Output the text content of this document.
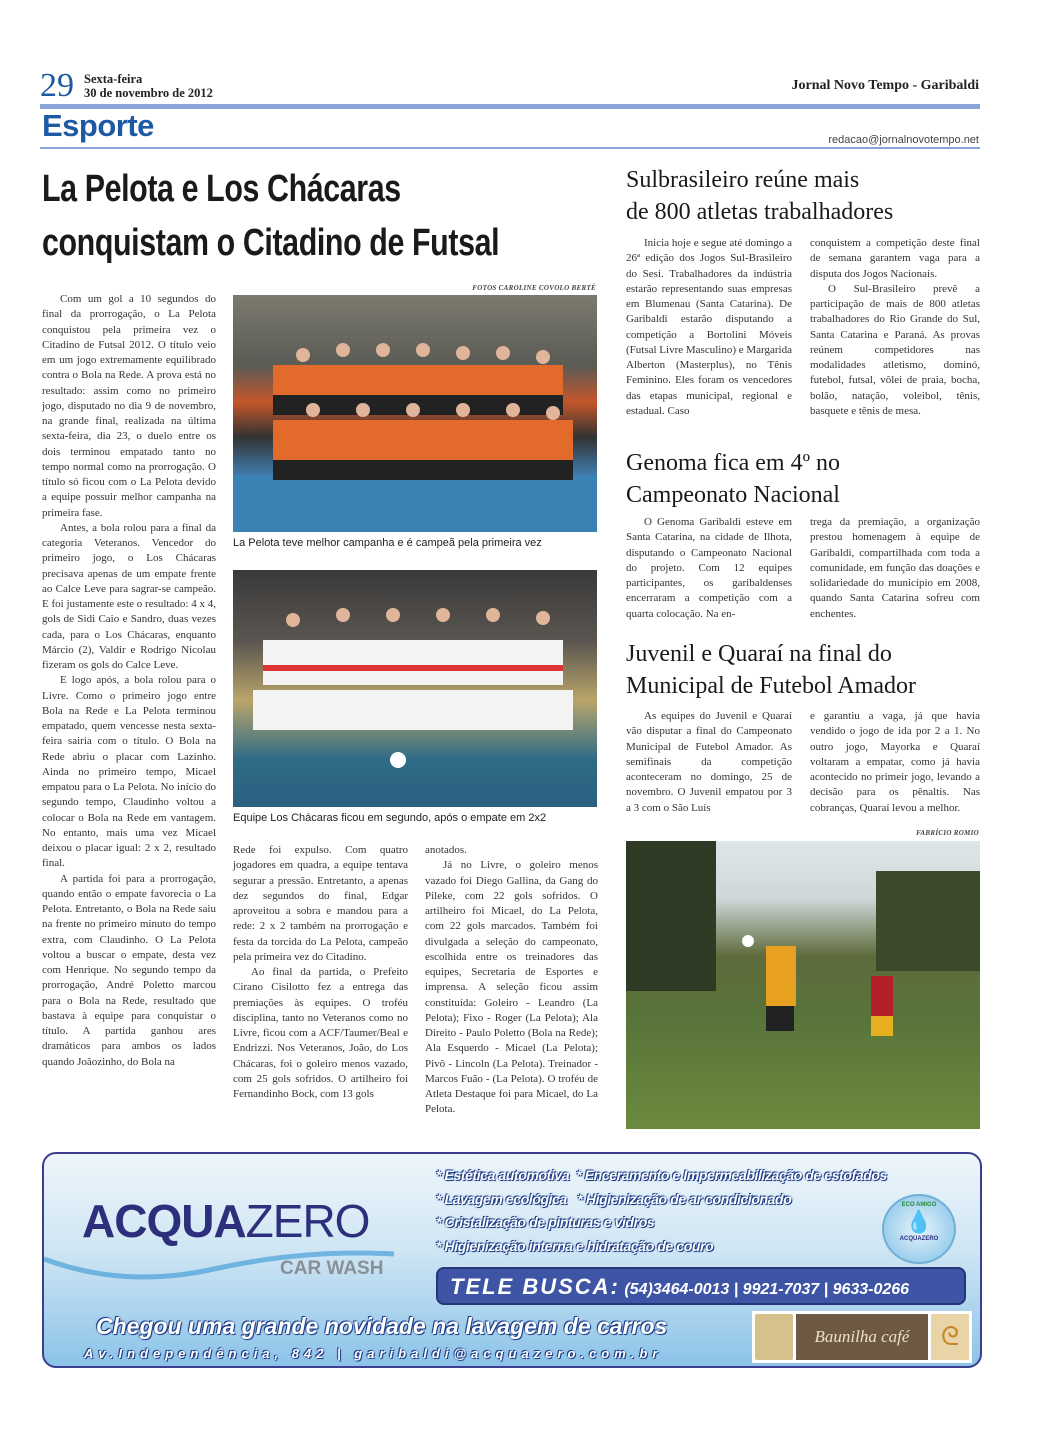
29 Sexta-feira
30 de novembro de 2012	Jornal Novo Tempo - Garibaldi
Esporte	redacao@jornalnovotempo.net
La Pelota e Los Chácaras
conquistam o Citadino de Futsal

Com um gol a 10 segundos do final da prorrogação, o La Pelota conquistou pela primeira vez o Citadino de Futsal 2012. O título veio em um jogo extremamente equilibrado contra o Bola na Rede. A prova está no resultado: assim como no primeiro jogo, disputado no dia 9 de novembro, na grande final, realizada na última sexta-feira, dia 23, o duelo entre os dois terminou empatado tanto no tempo normal como na prorrogação. O título só ficou com o La Pelota devido a equipe possuir melhor campanha na primeira fase.

Antes, a bola rolou para a final da categoria Veteranos. Vencedor do primeiro jogo, o Los Chácaras precisava apenas de um empate frente ao Calce Leve para sagrar-se campeão. E foi justamente este o resultado: 4 x 4, gols de Sidi Caio e Sandro, duas vezes cada, para o Los Chácaras, enquanto Márcio (2), Valdir e Rodrigo Nicolau fizeram os gols do Calce Leve.

E logo após, a bola rolou para o Livre. Como o primeiro jogo entre Bola na Rede e La Pelota terminou empatado, quem vencesse nesta sexta-feira sairia com o título. O Bola na Rede abriu o placar com Lazinho. Ainda no primeiro tempo, Micael empatou para o La Pelota. No início do segundo tempo, Claudinho voltou a colocar o Bola na Rede em vantagem. No entanto, mais uma vez Micael deixou o placar igual: 2 x 2, resultado final.

A partida foi para a prorrogação, quando então o empate favorecia o La Pelota. Entretanto, o Bola na Rede saiu na frente no primeiro minuto do tempo extra, com Claudinho. O La Pelota voltou a buscar o empate, desta vez com Henrique. No segundo tempo da prorrogação, André Poletto marcou para o Bola na Rede, resultado que bastava à equipe para conquistar o título. A partida ganhou ares dramáticos para ambos os lados quando Joãozinho, do Bola na

FOTOS CAROLINE COVOLO BERTÉ
La Pelota teve melhor campanha e é campeã pela primeira vez
Equipe Los Chácaras ficou em segundo, após o empate em 2x2

Rede foi expulso. Com quatro jogadores em quadra, a equipe tentava segurar a pressão. Entretanto, a apenas dez segundos do final, Edgar aproveitou a sobra e mandou para a rede: 2 x 2 também na prorrogação e festa da torcida do La Pelota, campeão pela primeira vez do Citadino.

Ao final da partida, o Prefeito Cirano Cisilotto fez a entrega das premiações às equipes. O troféu disciplina, tanto no Veteranos como no Livre, ficou com a ACF/Taumer/Beal e Endrizzi. Nos Veteranos, João, do Los Chácaras, foi o goleiro menos vazado, com 25 gols sofridos. O artilheiro foi Fernandinho Bock, com 13 gols

anotados.

Já no Livre, o goleiro menos vazado foi Diego Gallina, da Gang do Pileke, com 22 gols sofridos. O artilheiro foi Micael, do La Pelota, com 22 gols marcados. Também foi divulgada a seleção do campeonato, escolhida entre os treinadores das equipes, Secretaria de Esportes e imprensa. A seleção ficou assim constituída: Goleiro - Leandro (La Pelota); Fixo - Roger (La Pelota); Ala Direito - Paulo Poletto (Bola na Rede); Ala Esquerdo - Micael (La Pelota); Pivô - Lincoln (La Pelota). Treinador - Marcos Fuão - (La Pelota). O troféu de Atleta Destaque foi para Micael, do La Pelota.

Sulbrasileiro reúne mais
de 800 atletas trabalhadores

Inicia hoje e segue até domingo a 26ª edição dos Jogos Sul-Brasileiro do Sesi. Trabalhadores da indústria estarão representando suas empresas em Blumenau (Santa Catarina). De Garibaldi estarão disputando a competição a Bortolini Móveis (Futsal Livre Masculino) e Margarida Alberton (Masterplus), no Tênis Feminino. Eles foram os vencedores das etapas municipal, regional e estadual. Caso

conquistem a competição deste final de semana garantem vaga para a disputa dos Jogos Nacionais.

O Sul-Brasileiro prevê a participação de mais de 800 atletas trabalhadores do Rio Grande do Sul, Santa Catarina e Paraná. As provas reúnem competidores nas modalidades atletismo, dominó, futebol, futsal, vôlei de praia, bocha, bolão, natação, voleibol, tênis, basquete e tênis de mesa.

Genoma fica em 4º no
Campeonato Nacional

O Genoma Garibaldi esteve em Santa Catarina, na cidade de Ilhota, disputando o Campeonato Nacional do projeto. Com 12 equipes participantes, os garibaldenses encerraram a competição com a quarta colocação. Na en-

trega da premiação, a organização prestou homenagem à equipe de Garibaldi, compartilhada com toda a comunidade, em função das doações e solidariedade do município em 2008, quando Santa Catarina sofreu com enchentes.

Juvenil e Quaraí na final do
Municipal de Futebol Amador

As equipes do Juvenil e Quaraí vão disputar a final do Campeonato Municipal de Futebol Amador. As semifinais da competição aconteceram no domingo, 25 de novembro. O Juvenil empatou por 3 a 3 com o São Luís

e garantiu a vaga, já que havia vendido o jogo de ida por 2 a 1. No outro jogo, Mayorka e Quaraí voltaram a empatar, como já havia acontecido no primeir jogo, levando a decisão para os pênaltis. Nas cobranças, Quaraí levou a melhor.

FABRÍCIO ROMIO
ACQUAZERO
CAR WASH
* Estética automotiva * Enceramento e Impermeabilização de estofados
* Lavagem ecológica * Higienização de ar condicionado
* Cristalização de pinturas e vidros
* Higienização interna e hidratação de couro
ECO AMIGO
💧
ACQUAZERO
TELE BUSCA: (54)3464-0013 | 9921-7037 | 9633-0266
Chegou uma grande novidade na lavagem de carros
Av.Independência, 842 | garibaldi@acquazero.com.br
Baunilha café	ᘓ
